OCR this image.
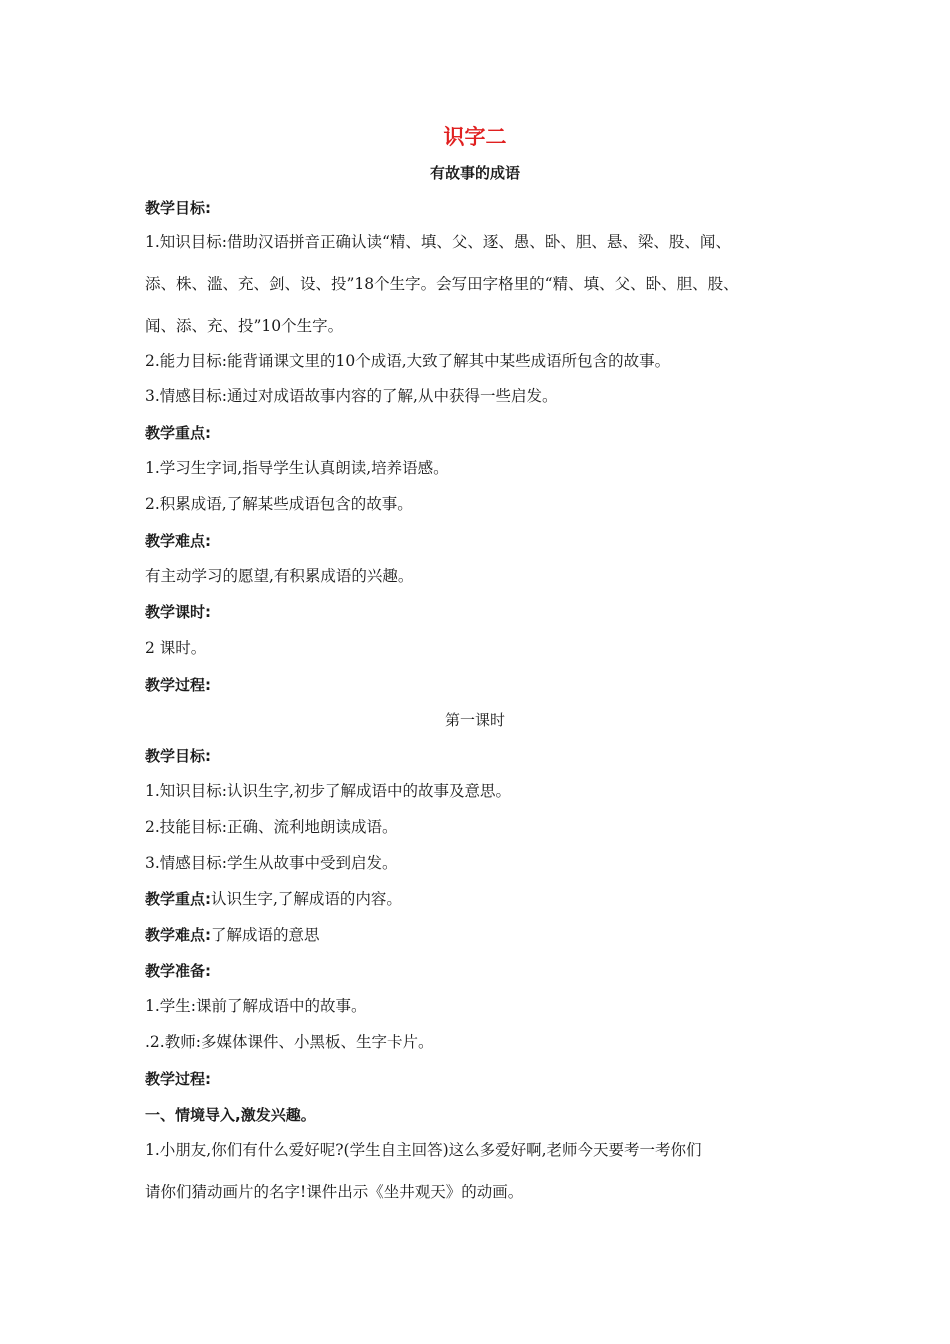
识字二
有故事的成语
教学目标:
1.知识目标:借助汉语拼音正确认读“精、填、父、逐、愚、卧、胆、悬、梁、股、闻、
添、株、滥、充、剑、设、投”18个生字。会写田字格里的“精、填、父、卧、胆、股、
闻、添、充、投”10个生字。
2.能力目标:能背诵课文里的10个成语,大致了解其中某些成语所包含的故事。
3.情感目标:通过对成语故事内容的了解,从中获得一些启发。
教学重点:
1.学习生字词,指导学生认真朗读,培养语感。
2.积累成语,了解某些成语包含的故事。
教学难点:
有主动学习的愿望,有积累成语的兴趣。
教学课时:
2 课时。
教学过程:
第一课时
教学目标:
1.知识目标:认识生字,初步了解成语中的故事及意思。
2.技能目标:正确、流利地朗读成语。
3.情感目标:学生从故事中受到启发。
教学重点:认识生字,了解成语的内容。
教学难点:了解成语的意思
教学准备:
1.学生:课前了解成语中的故事。
.2.教师:多媒体课件、小黑板、生字卡片。
教学过程:
一、情境导入,激发兴趣。
1.小朋友,你们有什么爱好呢?(学生自主回答)这么多爱好啊,老师今天要考一考你们
请你们猜动画片的名字!课件出示《坐井观天》的动画。
